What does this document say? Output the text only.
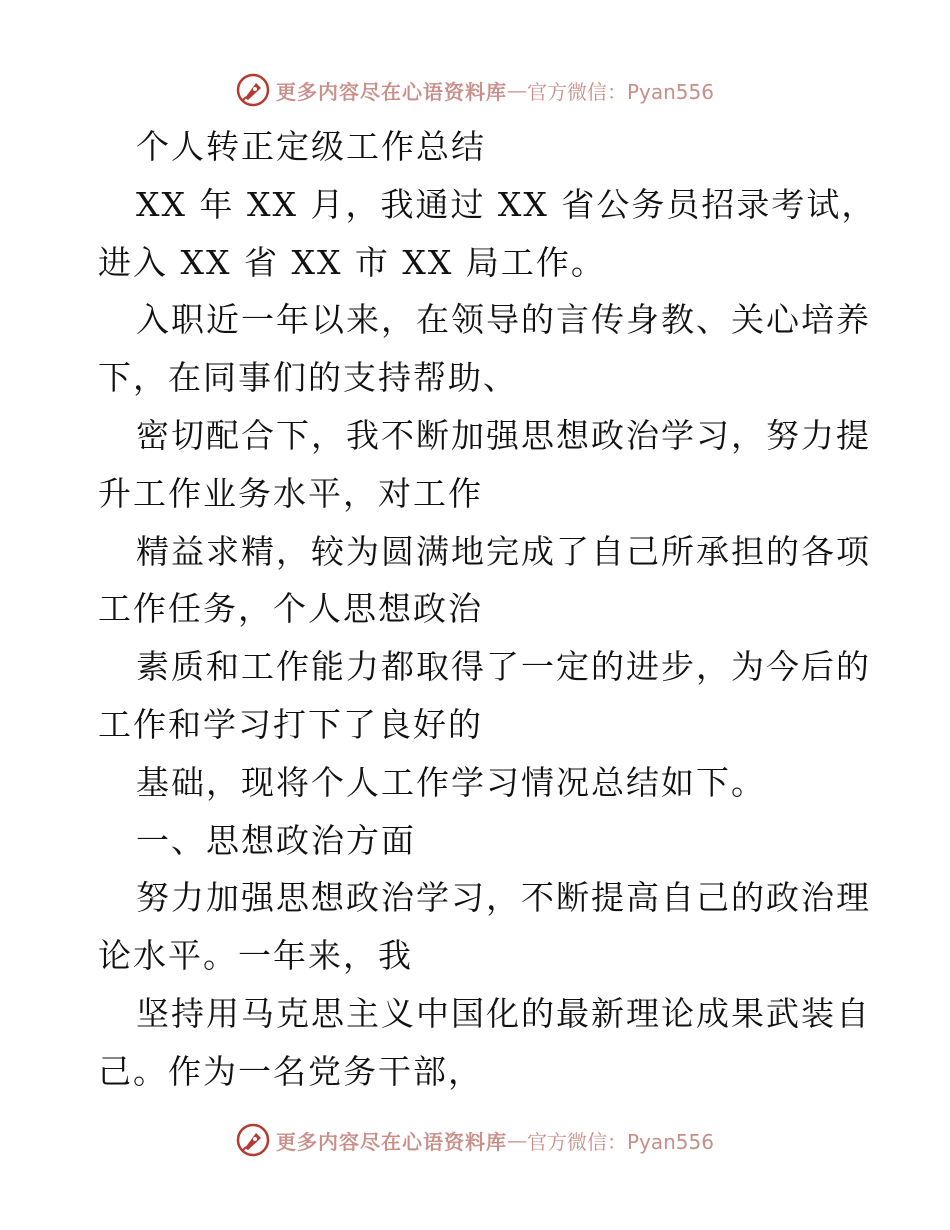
更多内容尽在心语资料库 — 官方微信：Pyan556
个人转正定级工作总结
XX 年 XX 月，我通过 XX 省公务员招录考试，
进入 XX 省 XX 市 XX 局工作。
入职近一年以来，在领导的言传身教、关心培养
下，在同事们的支持帮助、
密切配合下，我不断加强思想政治学习，努力提
升工作业务水平，对工作
精益求精，较为圆满地完成了自己所承担的各项
工作任务，个人思想政治
素质和工作能力都取得了一定的进步，为今后的
工作和学习打下了良好的
基础，现将个人工作学习情况总结如下。
一、思想政治方面
努力加强思想政治学习，不断提高自己的政治理
论水平。一年来，我
坚持用马克思主义中国化的最新理论成果武装自
己。作为一名党务干部，
更多内容尽在心语资料库 — 官方微信：Pyan556
